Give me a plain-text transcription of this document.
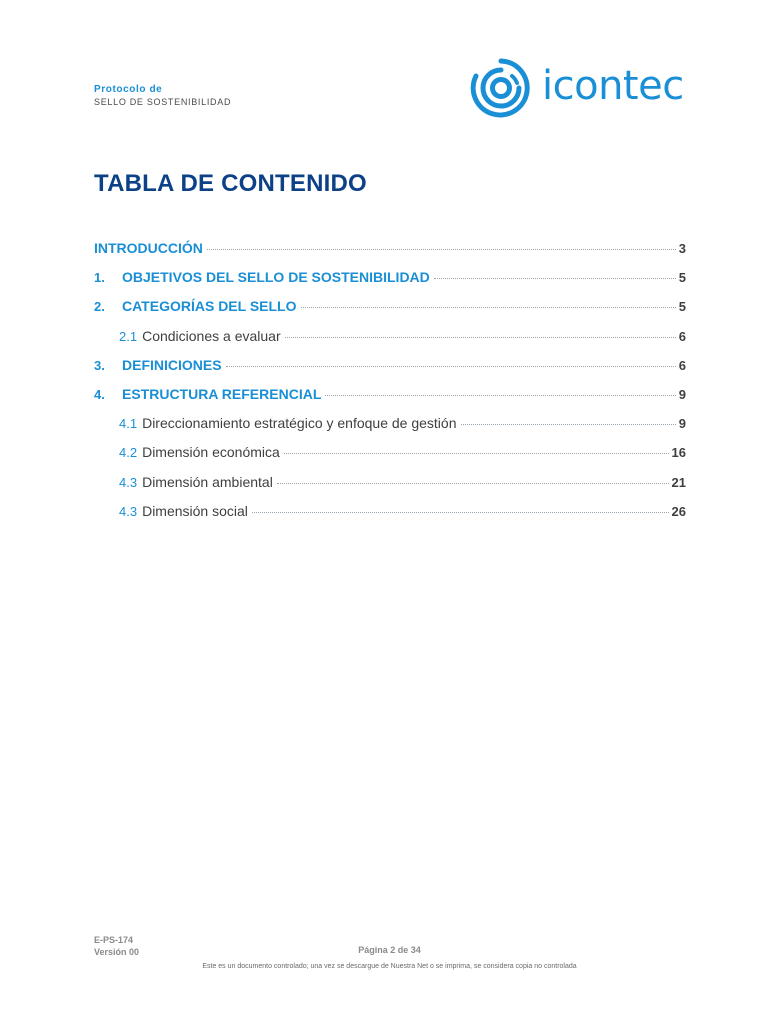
Protocolo de
SELLO DE SOSTENIBILIDAD	icontec
TABLA DE CONTENIDO
INTRODUCCIÓN	3
1.	OBJETIVOS DEL SELLO DE SOSTENIBILIDAD	5
2.	CATEGORÍAS DEL SELLO	5
2.1 Condiciones a evaluar	6
3.	DEFINICIONES	6
4.	ESTRUCTURA REFERENCIAL	9
4.1 Direccionamiento estratégico y enfoque de gestión	9
4.2 Dimensión económica	16
4.3 Dimensión ambiental	21
4.3 Dimensión social	26
E-PS-174
Versión 00	Página 2 de 34
Este es un documento controlado; una vez se descargue de Nuestra Net o se imprima, se considera copia no controlada
